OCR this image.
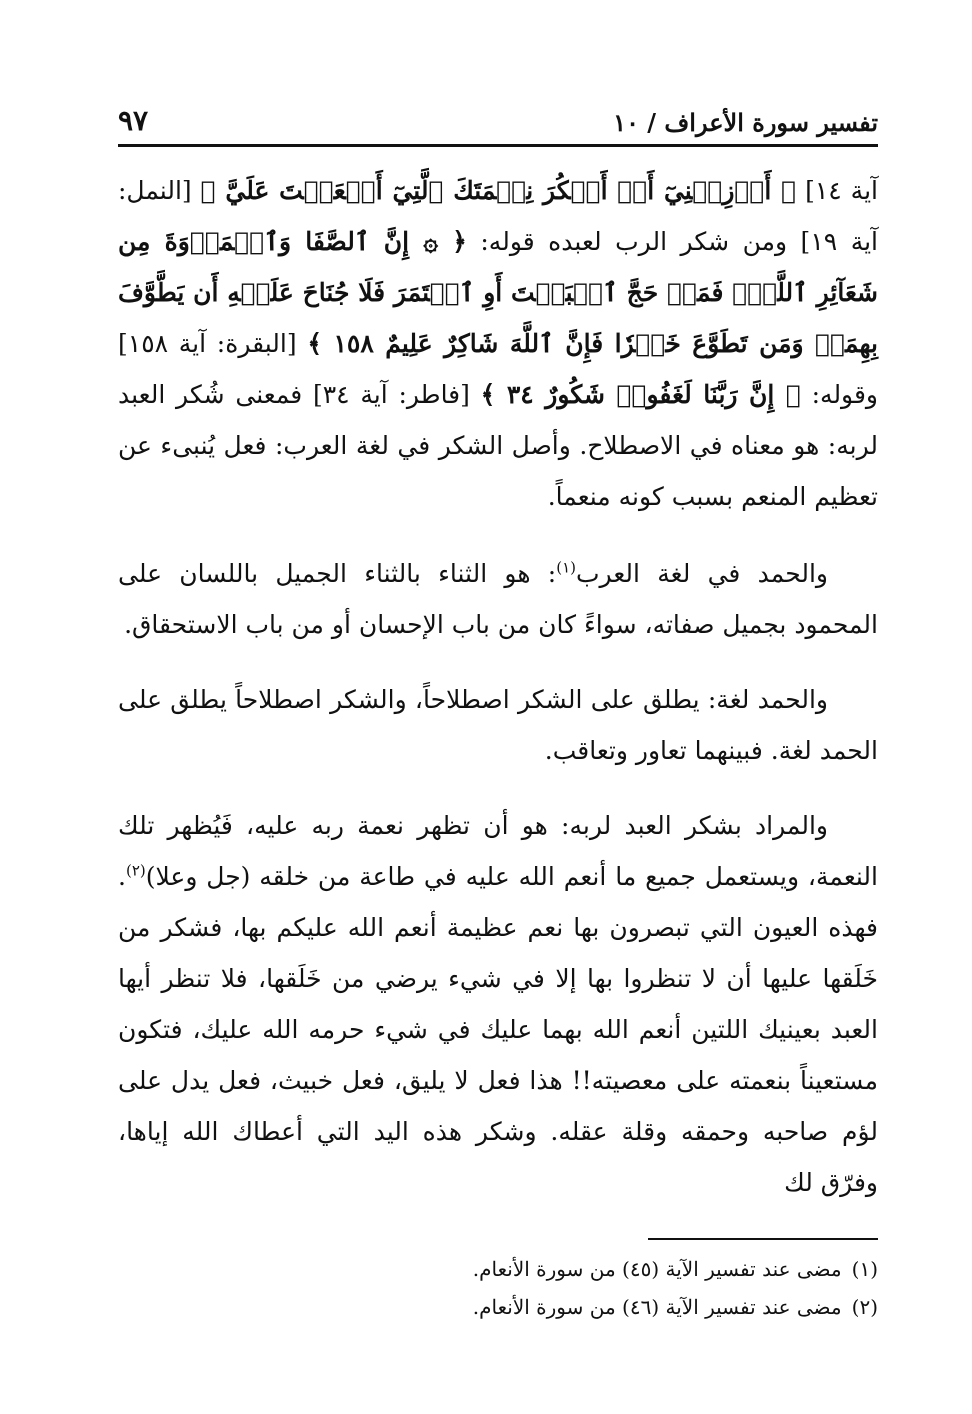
تفسير سورة الأعراف / ١٠
٩٧

آية ١٤] ﴿ أَوۡزِعۡنِيٓ أَنۡ أَشۡكُرَ نِعۡمَتَكَ ٱلَّتِيٓ أَنۡعَمۡتَ عَلَيَّ ﴾ [النمل: آية ١٩] ومن شكر الرب لعبده قوله: ﴿ ۞ إِنَّ ٱلصَّفَا وَٱلۡمَرۡوَةَ مِن شَعَآئِرِ ٱللَّهِۖ فَمَنۡ حَجَّ ٱلۡبَيۡتَ أَوِ ٱعۡتَمَرَ فَلَا جُنَاحَ عَلَيۡهِ أَن يَطَّوَّفَ بِهِمَاۚ وَمَن تَطَوَّعَ خَيۡرٗا فَإِنَّ ٱللَّهَ شَاكِرٌ عَلِيمٌ ١٥٨ ﴾ [البقرة: آية ١٥٨] وقوله: ﴿ إِنَّ رَبَّنَا لَغَفُورٞ شَكُورٌ ٣٤ ﴾ [فاطر: آية ٣٤] فمعنى شُكر العبد لربه: هو معناه في الاصطلاح. وأصل الشكر في لغة العرب: فعل يُنبىء عن تعظيم المنعم بسبب كونه منعماً.

والحمد في لغة العرب$^{(١)}$: هو الثناء بالثناء الجميل باللسان على المحمود بجميل صفاته، سواءً كان من باب الإحسان أو من باب الاستحقاق.

والحمد لغة: يطلق على الشكر اصطلاحاً، والشكر اصطلاحاً يطلق على الحمد لغة. فبينهما تعاور وتعاقب.

والمراد بشكر العبد لربه: هو أن تظهر نعمة ربه عليه، فَيُظهر تلك النعمة، ويستعمل جميع ما أنعم الله عليه في طاعة من خلقه (جل وعلا)$^{(٢)}$. فهذه العيون التي تبصرون بها نعم عظيمة أنعم الله عليكم بها، فشكر من خَلَقها عليها أن لا تنظروا بها إلا في شيء يرضي من خَلَقها، فلا تنظر أيها العبد بعينيك اللتين أنعم الله بهما عليك في شيء حرمه الله عليك، فتكون مستعيناً بنعمته على معصيته!! هذا فعل لا يليق، فعل خبيث، فعل يدل على لؤم صاحبه وحمقه وقلة عقله. وشكر هذه اليد التي أعطاك الله إياها، وفرّق لك

(١)مضى عند تفسير الآية (٤٥) من سورة الأنعام.
(٢)مضى عند تفسير الآية (٤٦) من سورة الأنعام.
